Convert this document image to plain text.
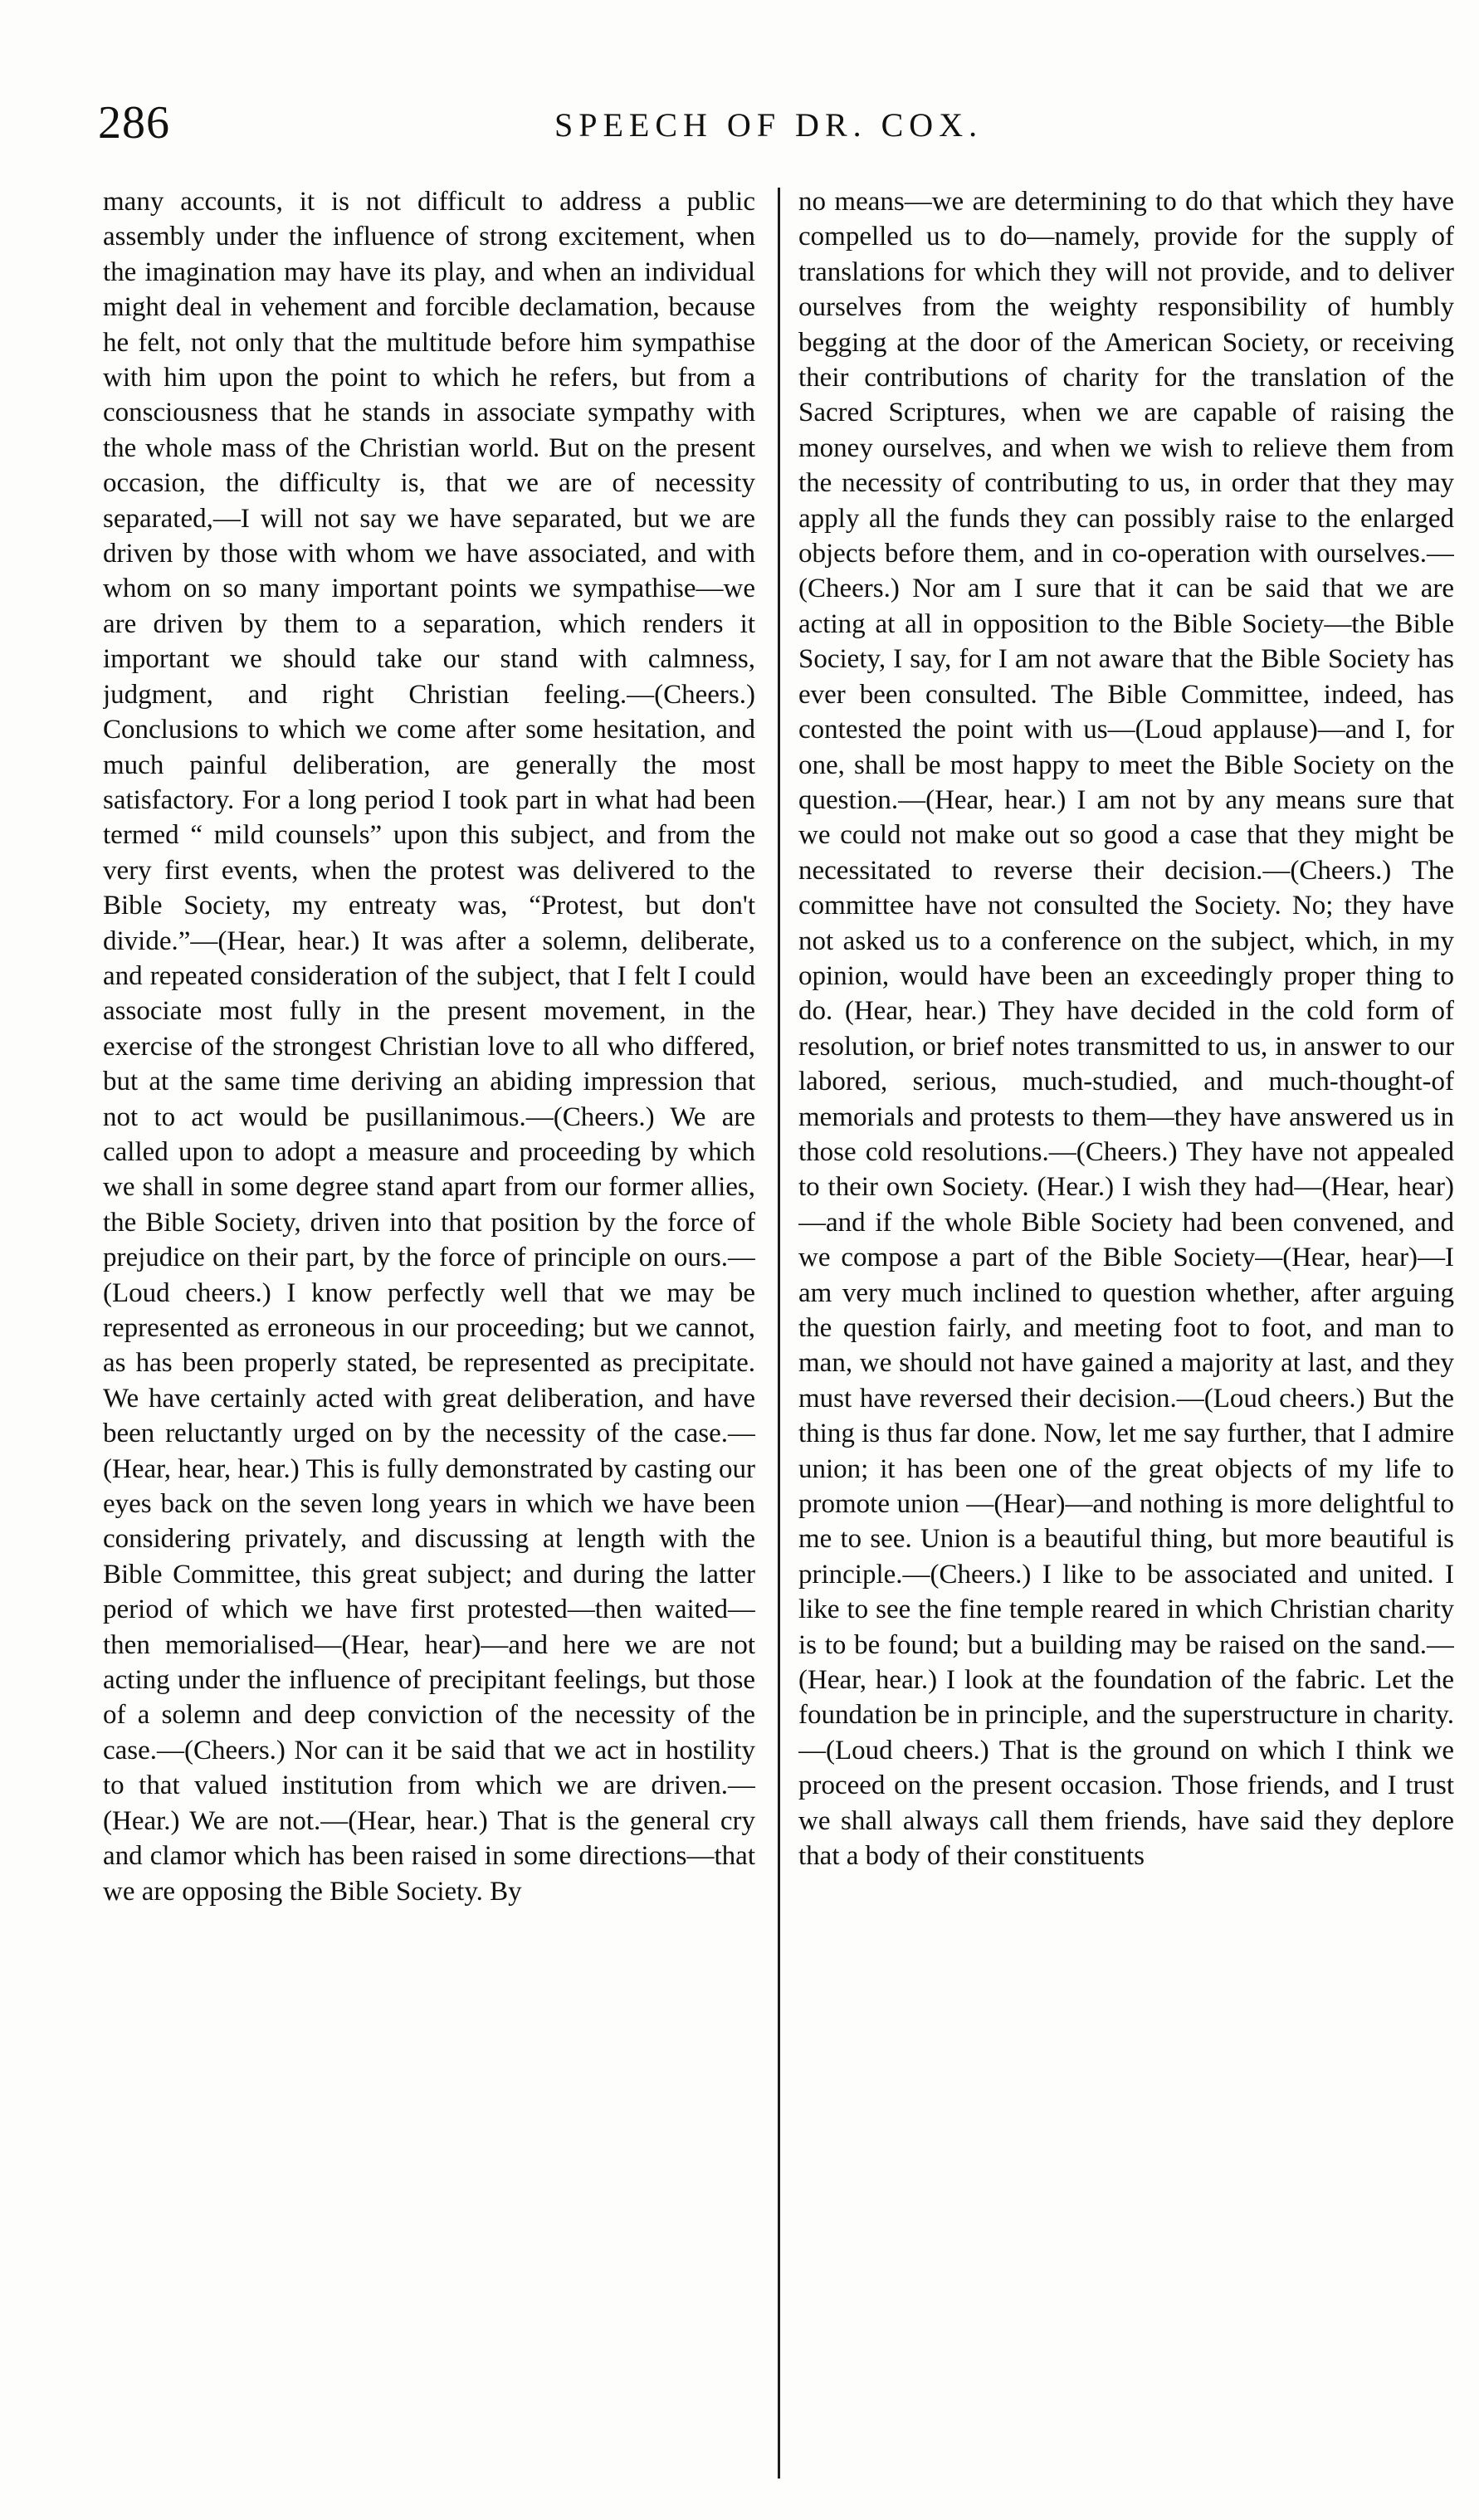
286	SPEECH OF DR. COX.

many accounts, it is not difficult to address a public assembly under the influence of strong excitement, when the imagination may have its play, and when an individual might deal in vehement and forcible declamation, because he felt, not only that the multitude before him sympathise with him upon the point to which he refers, but from a consciousness that he stands in associate sympathy with the whole mass of the Christian world. But on the present occasion, the difficulty is, that we are of necessity separated,—I will not say we have separated, but we are driven by those with whom we have associated, and with whom on so many important points we sympathise—we are driven by them to a separation, which renders it important we should take our stand with calmness, judgment, and right Christian feeling.—(Cheers.) Conclusions to which we come after some hesitation, and much painful deliberation, are generally the most satisfactory. For a long period I took part in what had been termed “ mild counsels” upon this subject, and from the very first events, when the protest was delivered to the Bible Society, my entreaty was, “Protest, but don't divide.”—(Hear, hear.) It was after a solemn, deliberate, and repeated consideration of the subject, that I felt I could associate most fully in the present movement, in the exercise of the strongest Christian love to all who differed, but at the same time deriving an abiding impression that not to act would be pusillanimous.—(Cheers.) We are called upon to adopt a measure and proceeding by which we shall in some degree stand apart from our former allies, the Bible Society, driven into that position by the force of prejudice on their part, by the force of principle on ours.—(Loud cheers.) I know perfectly well that we may be represented as erroneous in our proceeding; but we cannot, as has been properly stated, be represented as precipitate. We have certainly acted with great deliberation, and have been reluctantly urged on by the necessity of the case.—(Hear, hear, hear.) This is fully demonstrated by casting our eyes back on the seven long years in which we have been considering privately, and discussing at length with the Bible Committee, this great subject; and during the latter period of which we have first protested—then waited—then memorialised—(Hear, hear)—and here we are not acting under the influence of precipitant feelings, but those of a solemn and deep conviction of the necessity of the case.—(Cheers.) Nor can it be said that we act in hostility to that valued institution from which we are driven.—(Hear.) We are not.—(Hear, hear.) That is the general cry and clamor which has been raised in some directions—that we are opposing the Bible Society. By

no means—we are determining to do that which they have compelled us to do—namely, provide for the supply of translations for which they will not provide, and to deliver ourselves from the weighty responsibility of humbly begging at the door of the American Society, or receiving their contributions of charity for the translation of the Sacred Scriptures, when we are capable of raising the money ourselves, and when we wish to relieve them from the necessity of contributing to us, in order that they may apply all the funds they can possibly raise to the enlarged objects before them, and in co-operation with ourselves.—(Cheers.) Nor am I sure that it can be said that we are acting at all in opposition to the Bible Society—the Bible Society, I say, for I am not aware that the Bible Society has ever been consulted. The Bible Committee, indeed, has contested the point with us—(Loud applause)—and I, for one, shall be most happy to meet the Bible Society on the question.—(Hear, hear.) I am not by any means sure that we could not make out so good a case that they might be necessitated to reverse their decision.—(Cheers.) The committee have not consulted the Society. No; they have not asked us to a conference on the subject, which, in my opinion, would have been an exceedingly proper thing to do. (Hear, hear.) They have decided in the cold form of resolution, or brief notes transmitted to us, in answer to our labored, serious, much-studied, and much-thought-of memorials and protests to them—they have answered us in those cold resolutions.—(Cheers.) They have not appealed to their own Society. (Hear.) I wish they had—(Hear, hear)—and if the whole Bible Society had been convened, and we compose a part of the Bible Society—(Hear, hear)—I am very much inclined to question whether, after arguing the question fairly, and meeting foot to foot, and man to man, we should not have gained a majority at last, and they must have reversed their decision.—(Loud cheers.) But the thing is thus far done. Now, let me say further, that I admire union; it has been one of the great objects of my life to promote union —(Hear)—and nothing is more delightful to me to see. Union is a beautiful thing, but more beautiful is principle.—(Cheers.) I like to be associated and united. I like to see the fine temple reared in which Christian charity is to be found; but a building may be raised on the sand.—(Hear, hear.) I look at the foundation of the fabric. Let the foundation be in principle, and the superstructure in charity.—(Loud cheers.) That is the ground on which I think we proceed on the present occasion. Those friends, and I trust we shall always call them friends, have said they deplore that a body of their constituents
